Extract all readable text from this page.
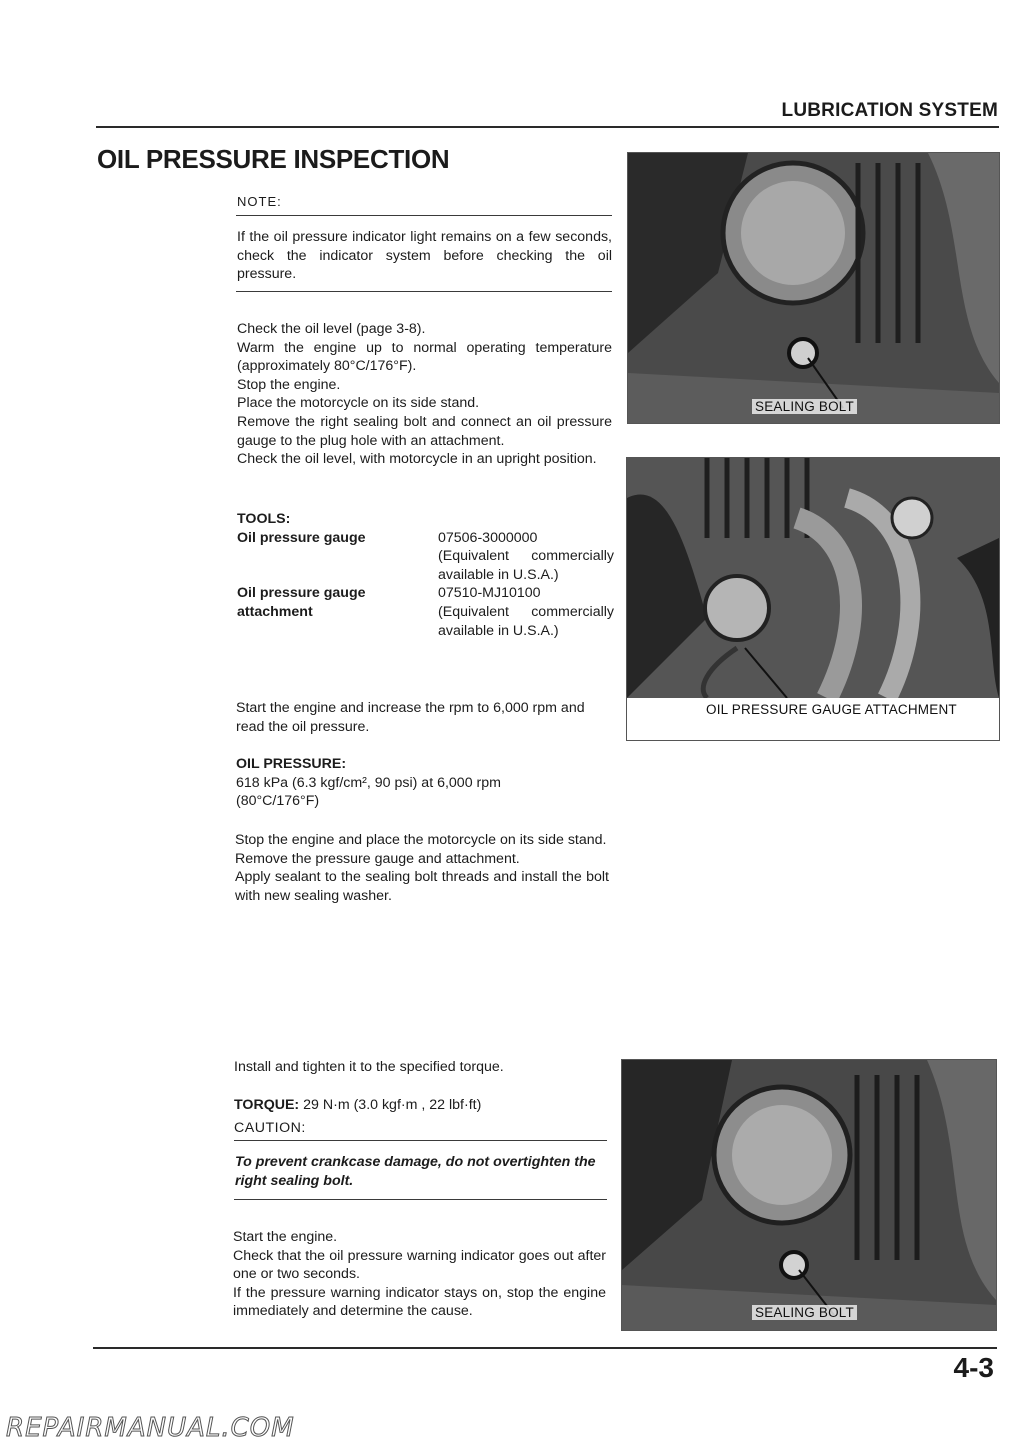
LUBRICATION SYSTEM
OIL PRESSURE INSPECTION
NOTE:
If the oil pressure indicator light remains on a few seconds, check the indicator system before checking the oil pressure.
Check the oil level (page 3-8).
Warm the engine up to normal operating temperature (approximately 80°C/176°F).
Stop the engine.
Place the motorcycle on its side stand.
Remove the right sealing bolt and connect an oil pressure gauge to the plug hole with an attachment.
Check the oil level, with motorcycle in an upright position.
TOOLS:
Oil pressure gauge	07506-3000000
(Equivalent commercially available in U.S.A.)
Oil pressure gauge attachment
07510-MJ10100
(Equivalent commercially available in U.S.A.)
Start the engine and increase the rpm to 6,000 rpm and read the oil pressure.
OIL PRESSURE:
618 kPa (6.3 kgf/cm², 90 psi) at 6,000 rpm (80°C/176°F)
Stop the engine and place the motorcycle on its side stand.
Remove the pressure gauge and attachment.
Apply sealant to the sealing bolt threads and install the bolt with new sealing washer.
Install and tighten it to the specified torque.
TORQUE: 29 N·m (3.0 kgf·m , 22 lbf·ft)
CAUTION:
To prevent crankcase damage, do not overtighten the right sealing bolt.
Start the engine.
Check that the oil pressure warning indicator goes out after one or two seconds.
If the pressure warning indicator stays on, stop the engine immediately and determine the cause.
SEALING BOLT
OIL PRESSURE GAUGE ATTACHMENT
SEALING BOLT
4-3
REPAIRMANUAL.COM
